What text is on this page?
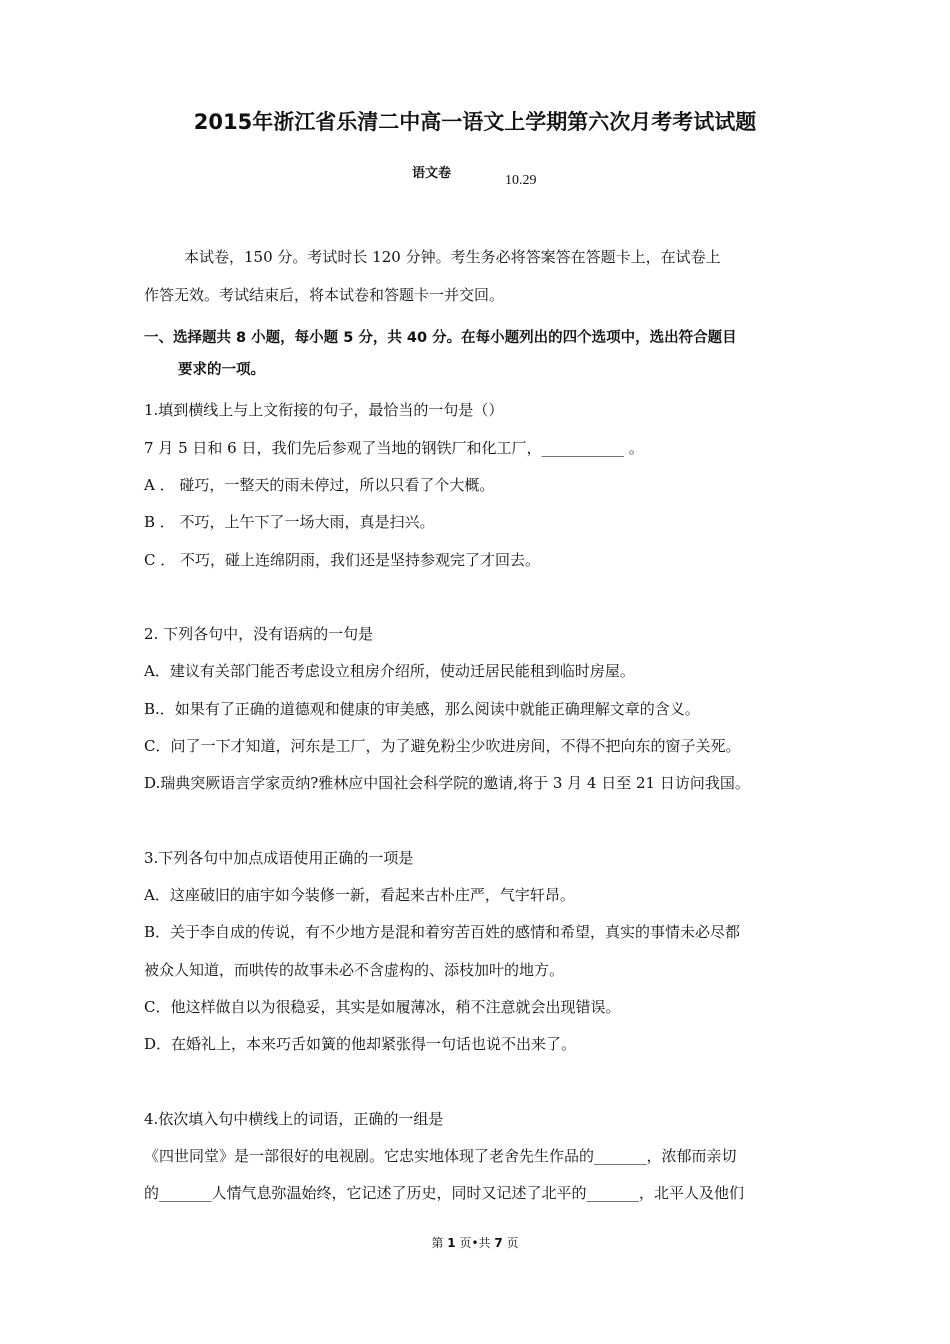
2015年浙江省乐清二中高一语文上学期第六次月考考试试题
语文卷	10.29
本试卷，150 分。考试时长 120 分钟。考生务必将答案答在答题卡上，在试卷上
作答无效。考试结束后，将本试卷和答题卡一并交回。
一、选择题共 8 小题，每小题 5 分，共 40 分。在每小题列出的四个选项中，选出符合题目
要求的一项。
1.填到横线上与上文衔接的句子，最恰当的一句是（）
7 月 5 日和 6 日，我们先后参观了当地的钢铁厂和化工厂，___________ 。
A ． 碰巧，一整天的雨未停过，所以只看了个大概。
B ． 不巧，上午下了一场大雨，真是扫兴。
C ． 不巧，碰上连绵阴雨，我们还是坚持参观完了才回去。
2. 下列各句中，没有语病的一句是
A．建议有关部门能否考虑设立租房介绍所，使动迁居民能租到临时房屋。
B.．如果有了正确的道德观和健康的审美感，那么阅读中就能正确理解文章的含义。
C．问了一下才知道，河东是工厂，为了避免粉尘少吹进房间，不得不把向东的窗子关死。
D.瑞典突厥语言学家贡纳?雅林应中国社会科学院的邀请,将于 3 月 4 日至 21 日访问我国。
3.下列各句中加点成语使用正确的一项是
A．这座破旧的庙宇如今装修一新，看起来古朴庄严，气宇轩昂。
B．关于李自成的传说，有不少地方是混和着穷苦百姓的感情和希望，真实的事情未必尽都
被众人知道，而哄传的故事未必不含虚构的、添枝加叶的地方。
C．他这样做自以为很稳妥，其实是如履薄冰，稍不注意就会出现错误。
D．在婚礼上，本来巧舌如簧的他却紧张得一句话也说不出来了。
4.依次填入句中横线上的词语，正确的一组是
《四世同堂》是一部很好的电视剧。它忠实地体现了老舍先生作品的_______，浓郁而亲切
的_______人情气息弥温始终，它记述了历史，同时又记述了北平的_______，北平人及他们
第 1 页•共 7 页
